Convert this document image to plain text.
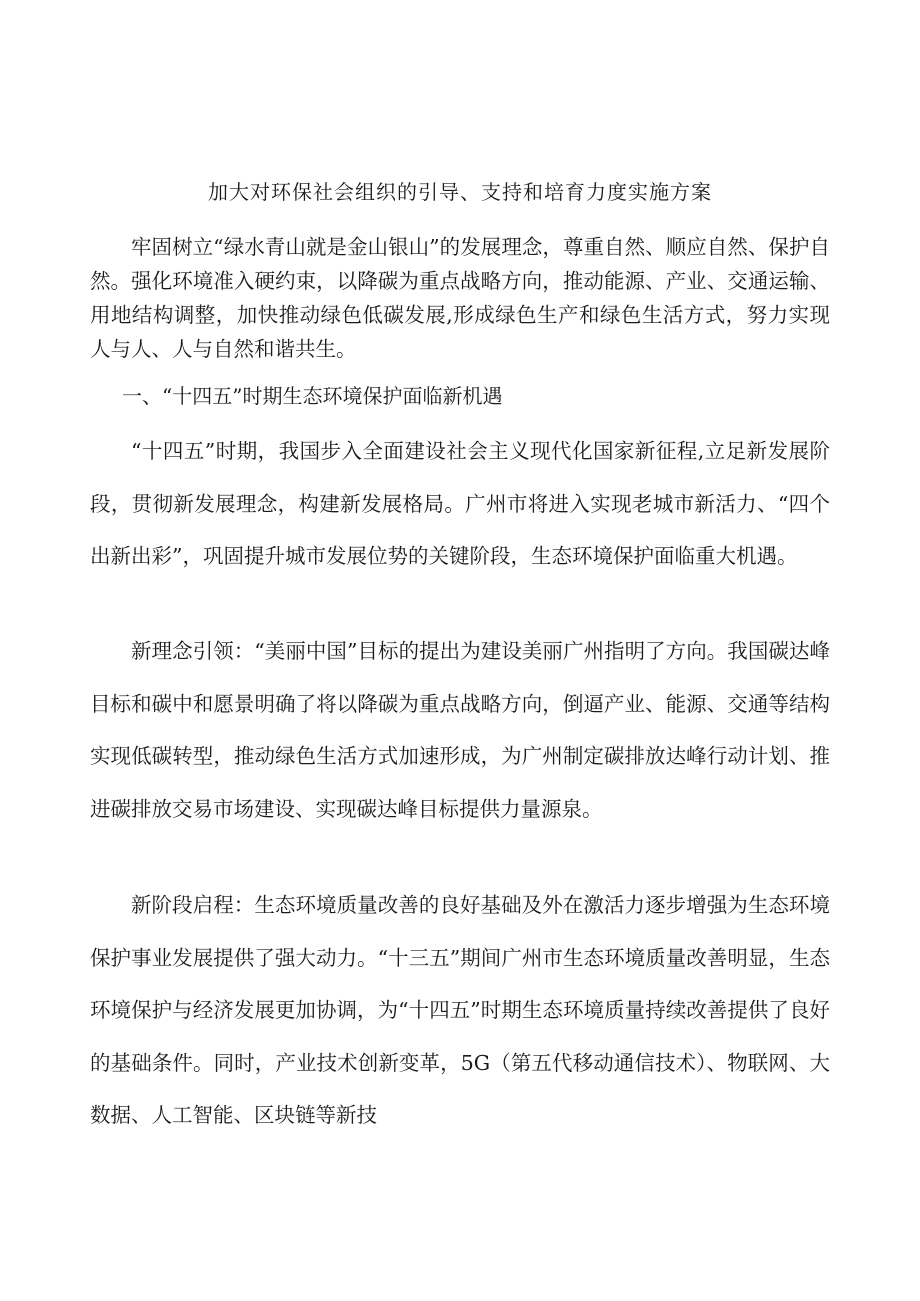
加大对环保社会组织的引导、支持和培育力度实施方案

牢固树立“绿水青山就是金山银山”的发展理念，尊重自然、顺应自然、保护自然。强化环境准入硬约束，以降碳为重点战略方向，推动能源、产业、交通运输、用地结构调整，加快推动绿色低碳发展,形成绿色生产和绿色生活方式，努力实现人与人、人与自然和谐共生。

一、“十四五”时期生态环境保护面临新机遇

“十四五”时期，我国步入全面建设社会主义现代化国家新征程,立足新发展阶段，贯彻新发展理念，构建新发展格局。广州市将进入实现老城市新活力、“四个出新出彩”，巩固提升城市发展位势的关键阶段，生态环境保护面临重大机遇。

新理念引领：“美丽中国”目标的提出为建设美丽广州指明了方向。我国碳达峰目标和碳中和愿景明确了将以降碳为重点战略方向，倒逼产业、能源、交通等结构实现低碳转型，推动绿色生活方式加速形成，为广州制定碳排放达峰行动计划、推进碳排放交易市场建设、实现碳达峰目标提供力量源泉。

新阶段启程：生态环境质量改善的良好基础及外在激活力逐步增强为生态环境保护事业发展提供了强大动力。“十三五”期间广州市生态环境质量改善明显，生态环境保护与经济发展更加协调，为“十四五”时期生态环境质量持续改善提供了良好的基础条件。同时，产业技术创新变革，5G（第五代移动通信技术）、物联网、大数据、人工智能、区块链等新技
